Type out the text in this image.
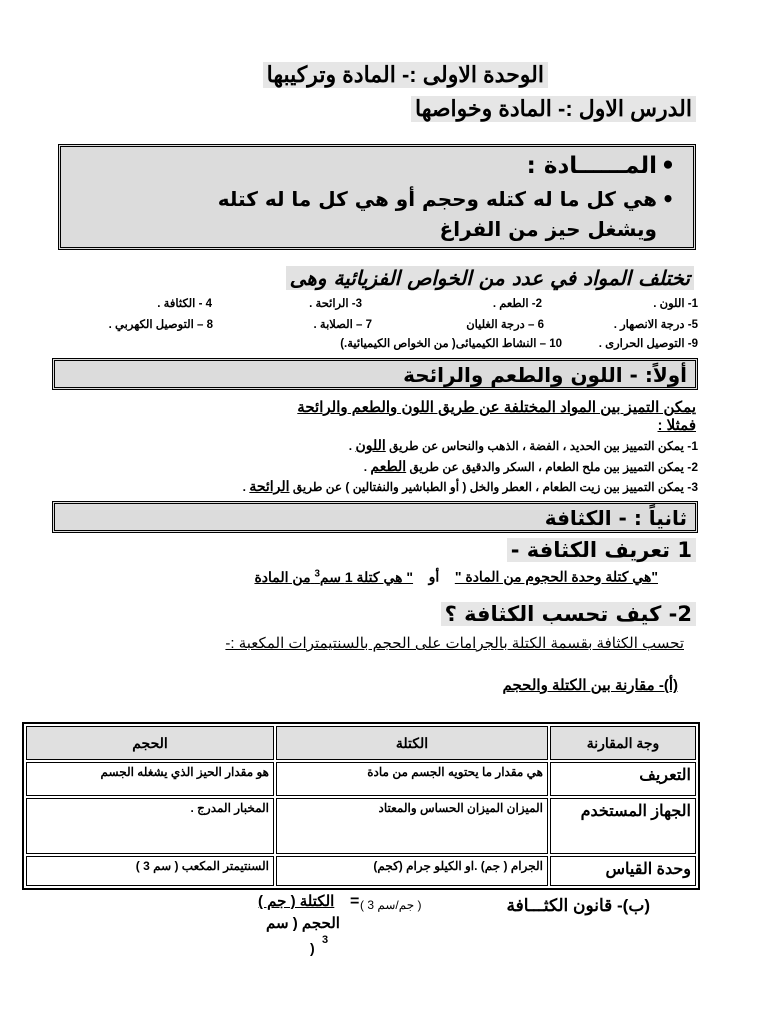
الوحدة الاولى :- المادة وتركيبها
الدرس الاول :- المادة وخواصها
•المــــــادة :
•هي كل ما له كتله وحجم أو هي كل ما له كتله
ويشغل حيز من الفراغ
تختلف المواد في عدد من الخواص الفزيائية وهى
1- اللون .
2- الطعم .
3- الرائحة .
4 - الكثافة .
5- درجة الانصهار .
6 – درجة الغليان
7 – الصلابة .
8 – التوصيل الكهربي .
9- التوصيل الحرارى .
10 – النشاط الكيميائى( من الخواص الكيميائية.)
أولاً: - اللون والطعم والرائحة
يمكن التميز بين المواد المختلفة عن طريق اللون والطعم والرائحة
فمثلا :
1- يمكن التمييز بين الحديد ، الفضة ، الذهب والنحاس عن طريق اللون .
2- يمكن التمييز بين ملح الطعام ، السكر والدقيق عن طريق الطعم .
3- يمكن التمييز بين زيت الطعام ، العطر والخل ( أو الطباشير والنفتالين ) عن طريق الرائحة .
ثانياً : - الكثافة
1 تعريف الكثافة -
"هي كتلة وحدة الحجوم من المادة "    أو    " هي كتلة 1 سم$^3$ من المادة
2- كيف تحسب الكثافة ؟
تحسب الكثافة بقسمة الكتلة بالجرامات على الحجم بالسنتيمترات المكعبة :-
(أ)- مقارنة بين الكتلة والحجم
وجة المقارنة	الكتلة	الحجم
التعريف	هي مقدار ما يحتويه الجسم من مادة	هو مقدار الحيز الذي يشغله الجسم
الجهاز المستخدم	الميزان الميزان الحساس والمعتاد	المخبار المدرج .
وحدة القياس	الجرام ( جم) .او الكيلو جرام (كجم)	السنتيمتر المكعب ( سم 3 )
(ب)- قانون الكثـــافة
( جم/سم 3 )
=
الكتلة ( جم )
الحجم ( سم
3
)
